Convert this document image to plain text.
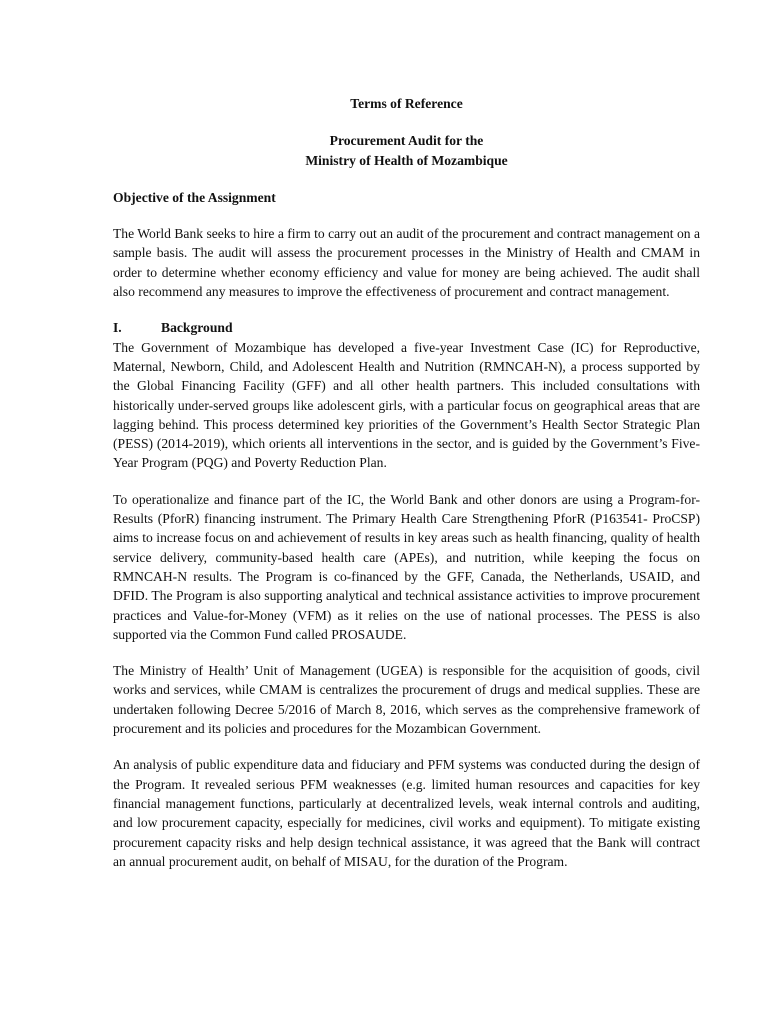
Terms of Reference

Procurement Audit for the

Ministry of Health of Mozambique

Objective of the Assignment

The World Bank seeks to hire a firm to carry out an audit of the procurement and contract management on a sample basis. The audit will assess the procurement processes in the Ministry of Health and CMAM in order to determine whether economy efficiency and value for money are being achieved. The audit shall also recommend any measures to improve the effectiveness of procurement and contract management.

I.	Background

The Government of Mozambique has developed a five-year Investment Case (IC) for Reproductive, Maternal, Newborn, Child, and Adolescent Health and Nutrition (RMNCAH-N), a process supported by the Global Financing Facility (GFF) and all other health partners. This included consultations with historically under-served groups like adolescent girls, with a particular focus on geographical areas that are lagging behind. This process determined key priorities of the Government’s Health Sector Strategic Plan (PESS) (2014-2019), which orients all interventions in the sector, and is guided by the Government’s Five-Year Program (PQG) and Poverty Reduction Plan.

To operationalize and finance part of the IC, the World Bank and other donors are using a Program-for-Results (PforR) financing instrument. The Primary Health Care Strengthening PforR (P163541- ProCSP) aims to increase focus on and achievement of results in key areas such as health financing, quality of health service delivery, community-based health care (APEs), and nutrition, while keeping the focus on RMNCAH-N results. The Program is co-financed by the GFF, Canada, the Netherlands, USAID, and DFID. The Program is also supporting analytical and technical assistance activities to improve procurement practices and Value-for-Money (VFM) as it relies on the use of national processes. The PESS is also supported via the Common Fund called PROSAUDE.

The Ministry of Health’ Unit of Management (UGEA) is responsible for the acquisition of goods, civil works and services, while CMAM is centralizes the procurement of drugs and medical supplies. These are undertaken following Decree 5/2016 of March 8, 2016, which serves as the comprehensive framework of procurement and its policies and procedures for the Mozambican Government.

An analysis of public expenditure data and fiduciary and PFM systems was conducted during the design of the Program. It revealed serious PFM weaknesses (e.g. limited human resources and capacities for key financial management functions, particularly at decentralized levels, weak internal controls and auditing, and low procurement capacity, especially for medicines, civil works and equipment). To mitigate existing procurement capacity risks and help design technical assistance, it was agreed that the Bank will contract an annual procurement audit, on behalf of MISAU, for the duration of the Program.
